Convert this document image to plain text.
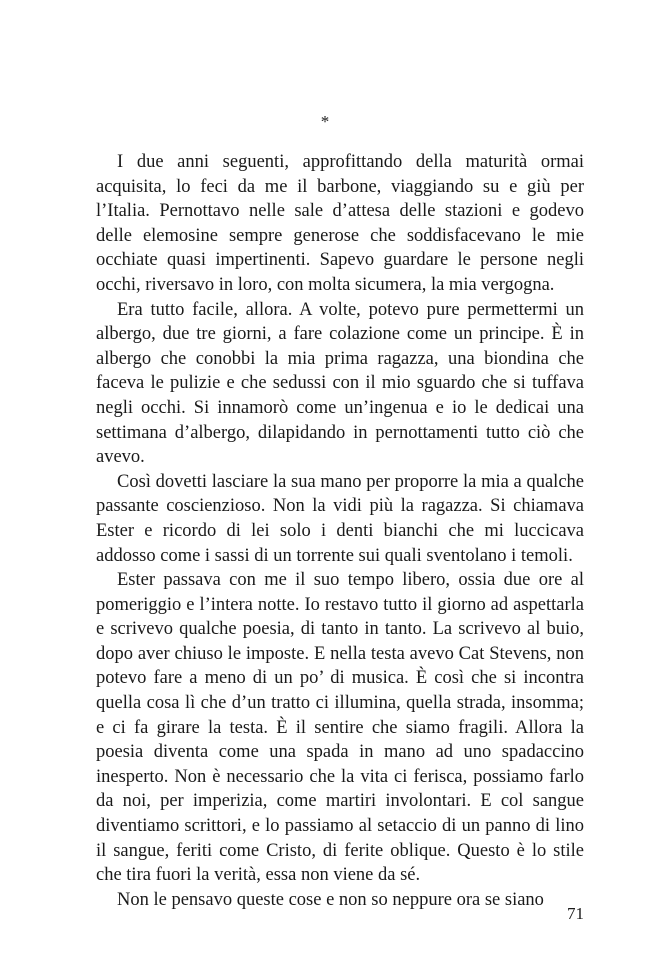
*

I due anni seguenti, approfittando della maturità ormai acquisita, lo feci da me il barbone, viaggiando su e giù per l’Italia. Pernottavo nelle sale d’attesa delle stazioni e godevo delle elemosine sempre generose che soddisfacevano le mie occhiate quasi impertinenti. Sapevo guardare le persone negli occhi, riversavo in loro, con molta sicumera, la mia vergogna.

Era tutto facile, allora. A volte, potevo pure permettermi un albergo, due tre giorni, a fare colazione come un principe. È in albergo che conobbi la mia prima ragazza, una biondina che faceva le pulizie e che sedussi con il mio sguardo che si tuffava negli occhi. Si innamorò come un’ingenua e io le dedicai una settimana d’albergo, dilapidando in pernottamenti tutto ciò che avevo.

Così dovetti lasciare la sua mano per proporre la mia a qualche passante coscienzioso. Non la vidi più la ragazza. Si chiamava Ester e ricordo di lei solo i denti bianchi che mi luccicava addosso come i sassi di un torrente sui quali sventolano i temoli.

Ester passava con me il suo tempo libero, ossia due ore al pomeriggio e l’intera notte. Io restavo tutto il giorno ad aspettarla e scrivevo qualche poesia, di tanto in tanto. La scrivevo al buio, dopo aver chiuso le imposte. E nella testa avevo Cat Stevens, non potevo fare a meno di un po’ di musica. È così che si incontra quella cosa lì che d’un tratto ci illumina, quella strada, insomma; e ci fa girare la testa. È il sentire che siamo fragili. Allora la poesia diventa come una spada in mano ad uno spadaccino inesperto. Non è necessario che la vita ci ferisca, possiamo farlo da noi, per imperizia, come martiri involontari. E col sangue diventiamo scrittori, e lo passiamo al setaccio di un panno di lino il sangue, feriti come Cristo, di ferite oblique. Questo è lo stile che tira fuori la verità, essa non viene da sé.

Non le pensavo queste cose e non so neppure ora se siano

71
